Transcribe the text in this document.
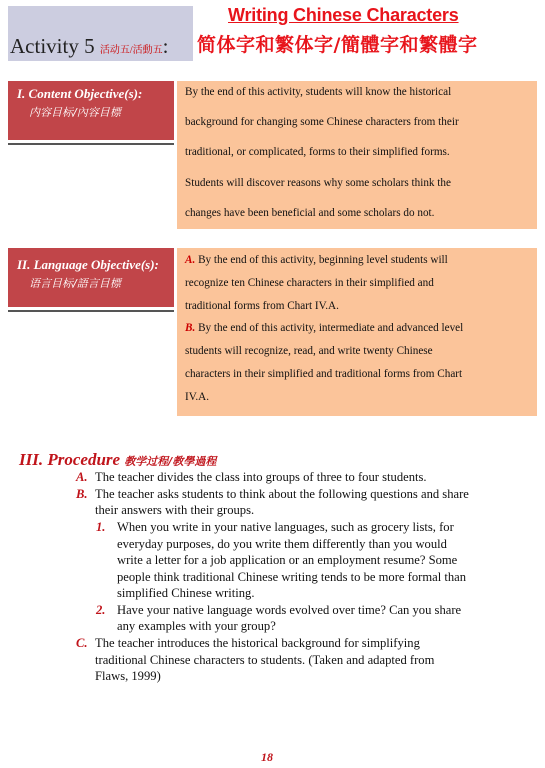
Activity 5 活动五/活動五:
Writing Chinese Characters
简体字和繁体字/簡體字和繁體字

I. Content Objective(s):

内容目标/內容目標

By the end of this activity, students will know the historical
background for changing some Chinese characters from their
traditional, or complicated, forms to their simplified forms.
Students will discover reasons why some scholars think the
changes have been beneficial and some scholars do not.

II. Language Objective(s):

语言目标/語言目標

A. By the end of this activity, beginning level students will
recognize ten Chinese characters in their simplified and
traditional forms from Chart IV.A.
B. By the end of this activity, intermediate and advanced level
students will recognize, read, and write twenty Chinese
characters in their simplified and traditional forms from Chart
IV.A.
III. Procedure 教学过程/教學過程
A. The teacher divides the class into groups of three to four students.
B. The teacher asks students to think about the following questions and share
their answers with their groups.
1. When you write in your native languages, such as grocery lists, for
everyday purposes, do you write them differently than you would
write a letter for a job application or an employment resume? Some
people think traditional Chinese writing tends to be more formal than
simplified Chinese writing.
2. Have your native language words evolved over time? Can you share
any examples with your group?
C. The teacher introduces the historical background for simplifying
traditional Chinese characters to students. (Taken and adapted from
Flaws, 1999)
18
